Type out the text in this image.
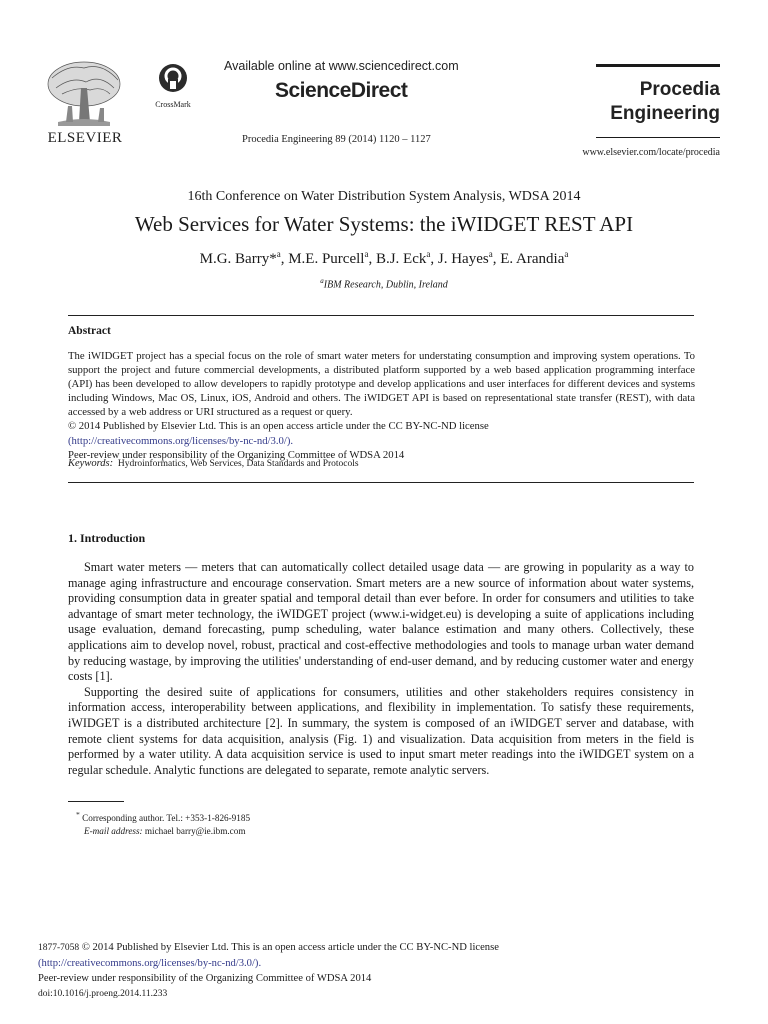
ELSEVIER
CrossMark
Available online at www.sciencedirect.com
ScienceDirect
Procedia Engineering 89 (2014) 1120 – 1127
Procedia
Engineering
www.elsevier.com/locate/procedia
16th Conference on Water Distribution System Analysis, WDSA 2014
Web Services for Water Systems: the iWIDGET REST API
M.G. Barry*$^a$, M.E. Purcell$^a$, B.J. Eck$^a$, J. Hayes$^a$, E. Arandia$^a$
$^a$IBM Research, Dublin, Ireland
Abstract

The iWIDGET project has a special focus on the role of smart water meters for understating consumption and improving system operations. To support the project and future commercial developments, a distributed platform supported by a web based application programming interface (API) has been developed to allow developers to rapidly prototype and develop applications and user interfaces for different devices and systems including Windows, Mac OS, Linux, iOS, Android and others. The iWIDGET API is based on representational state transfer (REST), with data accessed by a web address or URI structured as a request or query.

© 2014 Published by Elsevier Ltd. This is an open access article under the CC BY-NC-ND license

(http://creativecommons.org/licenses/by-nc-nd/3.0/).

Peer-review under responsibility of the Organizing Committee of WDSA 2014

Keywords: Hydroinformatics, Web Services, Data Standards and Protocols
1. Introduction

Smart water meters — meters that can automatically collect detailed usage data — are growing in popularity as a way to manage aging infrastructure and encourage conservation. Smart meters are a new source of information about water systems, providing consumption data in greater spatial and temporal detail than ever before. In order for consumers and utilities to take advantage of smart meter technology, the iWIDGET project (www.i-widget.eu) is developing a suite of applications including usage evaluation, demand forecasting, pump scheduling, water balance estimation and many others. Collectively, these applications aim to develop novel, robust, practical and cost-effective methodologies and tools to manage urban water demand by reducing wastage, by improving the utilities' understanding of end-user demand, and by reducing customer water and energy costs [1].

Supporting the desired suite of applications for consumers, utilities and other stakeholders requires consistency in information access, interoperability between applications, and flexibility in implementation. To satisfy these requirements, iWIDGET is a distributed architecture [2]. In summary, the system is composed of an iWIDGET server and database, with remote client systems for data acquisition, analysis (Fig. 1) and visualization. Data acquisition from meters in the field is performed by a water utility. A data acquisition service is used to input smart meter readings into the iWIDGET system on a regular schedule. Analytic functions are delegated to separate, remote analytic servers.

* Corresponding author. Tel.: +353-1-826-9185
E-mail address: michael barry@ie.ibm.com
1877-7058 © 2014 Published by Elsevier Ltd. This is an open access article under the CC BY-NC-ND license
(http://creativecommons.org/licenses/by-nc-nd/3.0/).
Peer-review under responsibility of the Organizing Committee of WDSA 2014
doi:10.1016/j.proeng.2014.11.233
